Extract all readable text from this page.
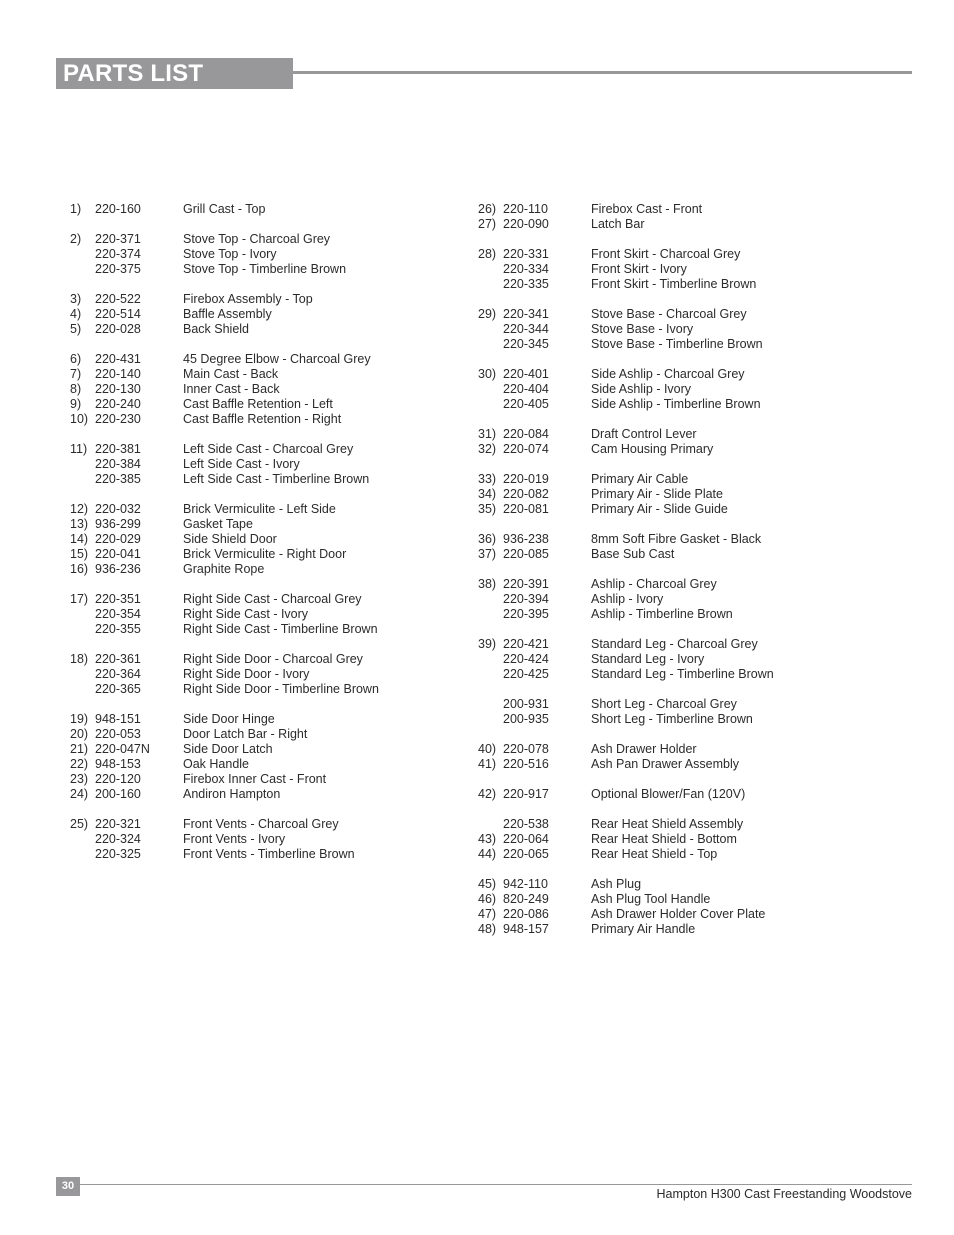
PARTS LIST
1) 220-160	Grill Cast - Top
2) 220-371	Stove Top - Charcoal Grey
220-374	Stove Top - Ivory
220-375	Stove Top - Timberline Brown
3) 220-522	Firebox Assembly - Top
4) 220-514	Baffle Assembly
5) 220-028	Back Shield
6) 220-431	45 Degree Elbow - Charcoal Grey
7) 220-140	Main Cast - Back
8) 220-130	Inner Cast - Back
9) 220-240	Cast Baffle Retention - Left
10) 220-230	Cast Baffle Retention - Right
11) 220-381	Left Side Cast - Charcoal Grey
220-384	Left Side Cast - Ivory
220-385	Left Side Cast - Timberline Brown
12) 220-032	Brick Vermiculite - Left Side
13) 936-299	Gasket Tape
14) 220-029	Side Shield Door
15) 220-041	Brick Vermiculite - Right Door
16) 936-236	Graphite Rope
17) 220-351	Right Side Cast - Charcoal Grey
220-354	Right Side Cast - Ivory
220-355	Right Side Cast - Timberline Brown
18) 220-361	Right Side Door - Charcoal Grey
220-364	Right Side Door - Ivory
220-365	Right Side Door - Timberline Brown
19) 948-151	Side Door Hinge
20) 220-053	Door Latch Bar - Right
21) 220-047N	Side Door Latch
22) 948-153	Oak Handle
23) 220-120	Firebox Inner Cast - Front
24) 200-160	Andiron Hampton
25) 220-321	Front Vents - Charcoal Grey
220-324	Front Vents - Ivory
220-325	Front Vents - Timberline Brown
26) 220-110	Firebox Cast - Front
27) 220-090	Latch Bar
28) 220-331	Front Skirt - Charcoal Grey
220-334	Front Skirt - Ivory
220-335	Front Skirt - Timberline Brown
29) 220-341	Stove Base - Charcoal Grey
220-344	Stove Base - Ivory
220-345	Stove Base - Timberline Brown
30) 220-401	Side Ashlip - Charcoal Grey
220-404	Side Ashlip - Ivory
220-405	Side Ashlip - Timberline Brown
31) 220-084	Draft Control Lever
32) 220-074	Cam Housing Primary
33) 220-019	Primary Air Cable
34) 220-082	Primary Air - Slide Plate
35) 220-081	Primary Air - Slide Guide
36) 936-238	8mm Soft Fibre Gasket - Black
37) 220-085	Base Sub Cast
38) 220-391	Ashlip - Charcoal Grey
220-394	Ashlip - Ivory
220-395	Ashlip - Timberline Brown
39) 220-421	Standard Leg - Charcoal Grey
220-424	Standard Leg - Ivory
220-425	Standard Leg - Timberline Brown
200-931	Short Leg - Charcoal Grey
200-935	Short Leg - Timberline Brown
40) 220-078	Ash Drawer Holder
41) 220-516	Ash Pan Drawer Assembly
42) 220-917	Optional Blower/Fan (120V)
220-538	Rear Heat Shield Assembly
43) 220-064	Rear Heat Shield - Bottom
44) 220-065	Rear Heat Shield - Top
45) 942-110	Ash Plug
46) 820-249	Ash Plug Tool Handle
47) 220-086	Ash Drawer Holder Cover Plate
48) 948-157	Primary Air Handle
30
Hampton H300 Cast Freestanding Woodstove
